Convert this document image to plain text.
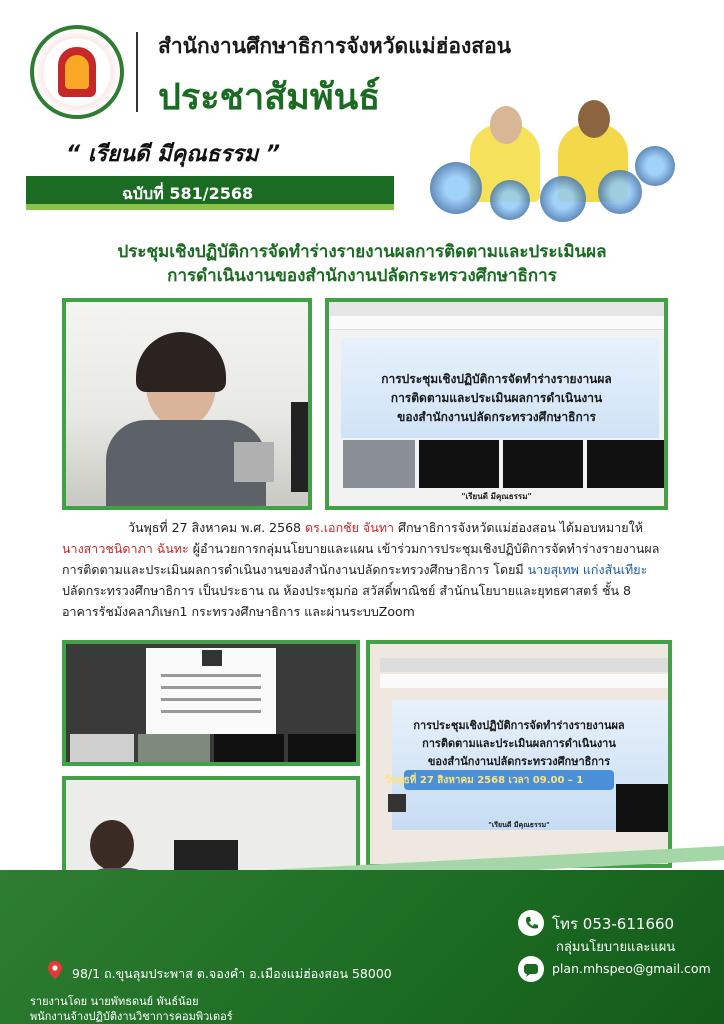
สำนักงานศึกษาธิการจังหวัดแม่ฮ่องสอน
ประชาสัมพันธ์
“ เรียนดี มีคุณธรรม ”
ฉบับที่ 581/2568
ประชุมเชิงปฏิบัติการจัดทำร่างรายงานผลการติดตามและประเมินผล
การดำเนินงานของสำนักงานปลัดกระทรวงศึกษาธิการ
การประชุมเชิงปฏิบัติการจัดทำร่างรายงานผล
การติดตามและประเมินผลการดำเนินงาน
ของสำนักงานปลัดกระทรวงศึกษาธิการ
"เรียนดี มีคุณธรรม"

วันพุธที่ 27 สิงหาคม พ.ศ. 2568 ดร.เอกชัย จันทา ศึกษาธิการจังหวัดแม่ฮ่องสอน ได้มอบหมายให้

นางสาวชนิดาภา ฉันทะ ผู้อำนวยการกลุ่มนโยบายและแผน เข้าร่วมการประชุมเชิงปฏิบัติการจัดทำร่างรายงานผล

การติดตามและประเมินผลการดำเนินงานของสำนักงานปลัดกระทรวงศึกษาธิการ โดยมี นายสุเทพ แก่งสันเทียะ

ปลัดกระทรวงศึกษาธิการ เป็นประธาน ณ ห้องประชุมก่อ สวัสดิ์พาณิชย์ สำนักนโยบายและยุทธศาสตร์ ชั้น 8

อาคารรัชมังคลาภิเษก1 กระทรวงศึกษาธิการ และผ่านระบบZoom

การประชุมเชิงปฏิบัติการจัดทำร่างรายงานผล
การติดตามและประเมินผลการดำเนินงาน
ของสำนักงานปลัดกระทรวงศึกษาธิการ
วันพุธที่ 27 สิงหาคม 2568 เวลา 09.00 – 1
"เรียนดี มีคุณธรรม"
โทร 053-611660
กลุ่มนโยบายและแผน
plan.mhspeo@gmail.com
98/1 ถ.ขุนลุมประพาส ต.จองคำ อ.เมืองแม่ฮ่องสอน 58000
รายงานโดย นายพัทธดนย์ พันธ์น้อย
พนักงานจ้างปฏิบัติงานวิชาการคอมพิวเตอร์
